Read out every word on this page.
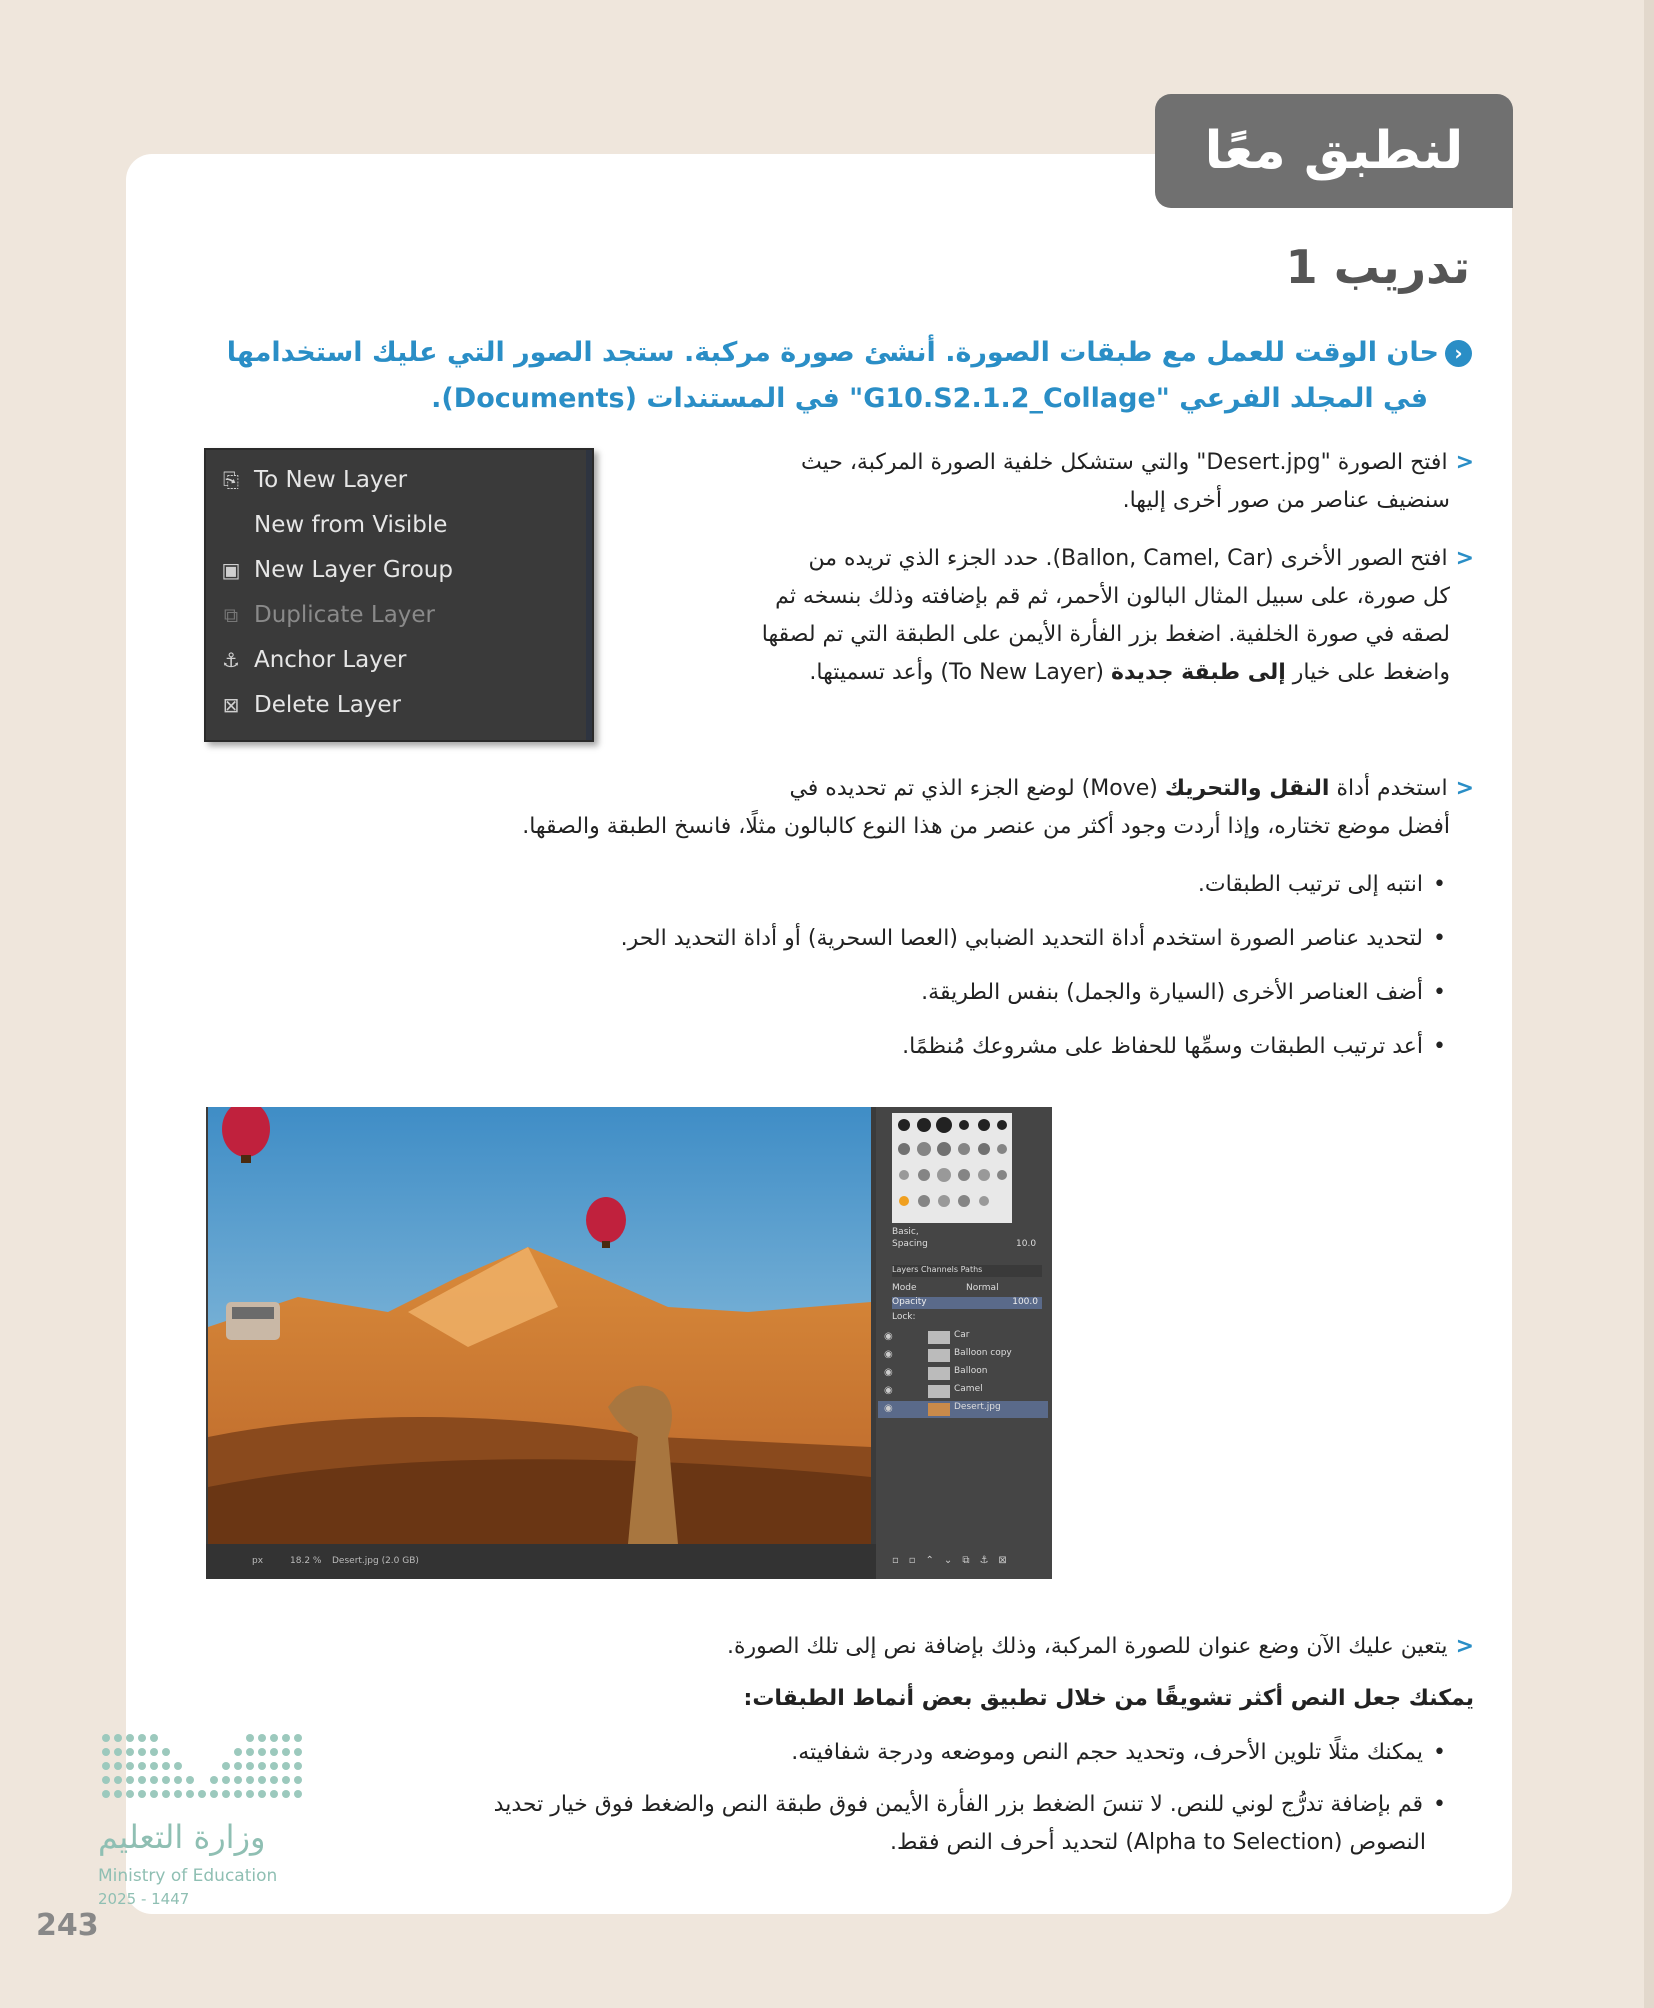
لنطبق معًا
تدريب 1
‹حان الوقت للعمل مع طبقات الصورة. أنشئ صورة مركبة. ستجد الصور التي عليك استخدامها
في المجلد الفرعي "G10.S2.1.2_Collage" في المستندات (Documents).
<افتح الصورة "Desert.jpg" والتي ستشكل خلفية الصورة المركبة، حيث
سنضيف عناصر من صور أخرى إليها.
<افتح الصور الأخرى (Ballon, Camel, Car). حدد الجزء الذي تريده من
كل صورة، على سبيل المثال البالون الأحمر، ثم قم بإضافته وذلك بنسخه ثم
لصقه في صورة الخلفية. اضغط بزر الفأرة الأيمن على الطبقة التي تم لصقها
واضغط على خيار إلى طبقة جديدة (To New Layer) وأعد تسميتها.
⎘ To New Layer
New from Visible
▣ New Layer Group
⧉ Duplicate Layer
⚓ Anchor Layer
⊠ Delete Layer
<استخدم أداة النقل والتحريك (Move) لوضع الجزء الذي تم تحديده في
أفضل موضع تختاره، وإذا أردت وجود أكثر من عنصر من هذا النوع كالبالون مثلًا، فانسخ الطبقة والصقها.
•انتبه إلى ترتيب الطبقات.
•لتحديد عناصر الصورة استخدم أداة التحديد الضبابي (العصا السحرية) أو أداة التحديد الحر.
•أضف العناصر الأخرى (السيارة والجمل) بنفس الطريقة.
•أعد ترتيب الطبقات وسمِّها للحفاظ على مشروعك مُنظمًا.
Basic,
Spacing	10.0
Layers Channels Paths
Mode	Normal
Opacity	100.0
Lock:
◉	Car
◉	Balloon copy
◉	Balloon
◉	Camel
◉	Desert.jpg
▫▫⌃⌄⧉⚓⊠
px	18.2 % Desert.jpg (2.0 GB)
<يتعين عليك الآن وضع عنوان للصورة المركبة، وذلك بإضافة نص إلى تلك الصورة.
يمكنك جعل النص أكثر تشويقًا من خلال تطبيق بعض أنماط الطبقات:
•يمكنك مثلًا تلوين الأحرف، وتحديد حجم النص وموضعه ودرجة شفافيته.
•قم بإضافة تدرُّج لوني للنص. لا تنسَ الضغط بزر الفأرة الأيمن فوق طبقة النص والضغط فوق خيار تحديد
النصوص (Alpha to Selection) لتحديد أحرف النص فقط.
وزارة التعليم
Ministry of Education
2025 - 1447
243
